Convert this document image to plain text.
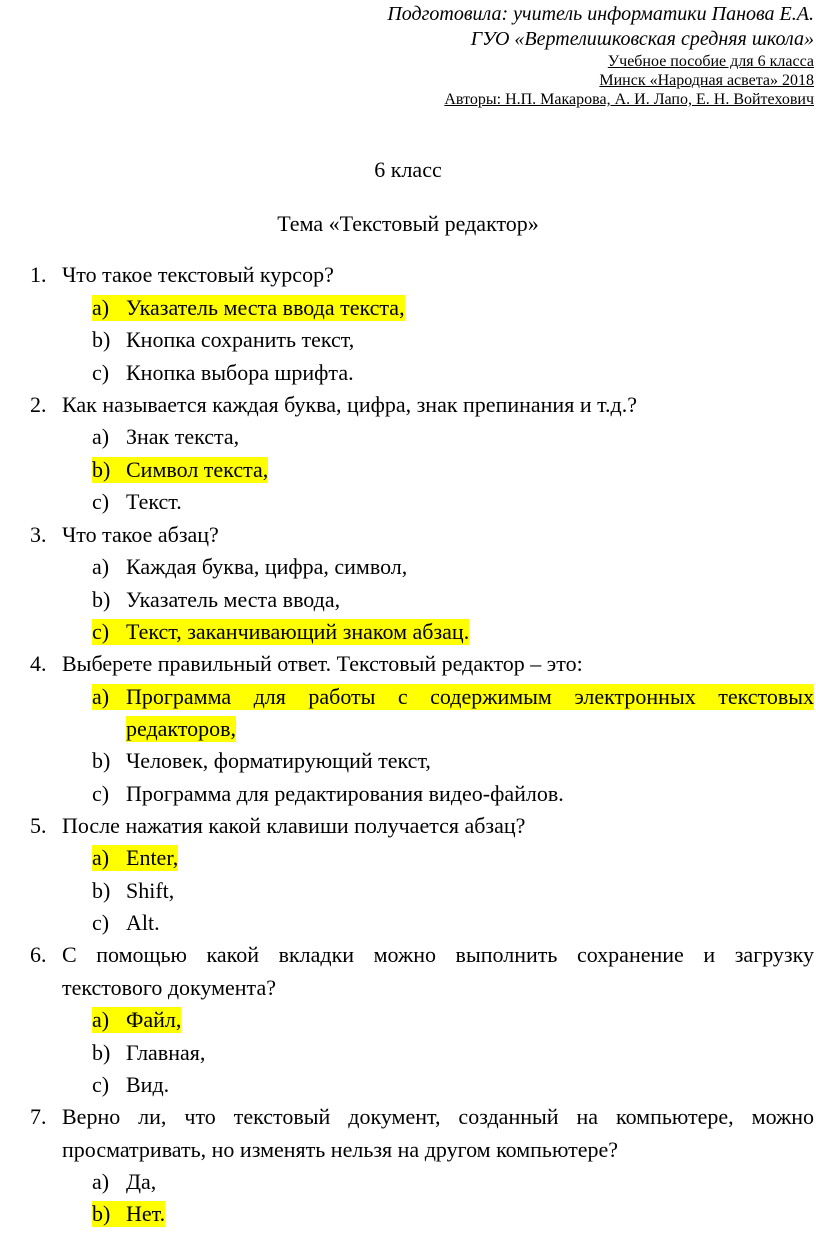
Подготовила: учитель информатики Панова Е.А.
ГУО «Вертелишковская средняя школа»
Учебное пособие для 6 класса
Минск «Народная асвета» 2018
Авторы: Н.П. Макарова, А. И. Лапо, Е. Н. Войтехович
6 класс
Тема «Текстовый редактор»
1. Что такое текстовый курсор?
a) Указатель места ввода текста,
b) Кнопка сохранить текст,
c) Кнопка выбора шрифта.
2. Как называется каждая буква, цифра, знак препинания и т.д.?
a) Знак текста,
b) Символ текста,
c) Текст.
3. Что такое абзац?
a) Каждая буква, цифра, символ,
b) Указатель места ввода,
c) Текст, заканчивающий знаком абзац.
4. Выберете правильный ответ. Текстовый редактор – это:
a) Программа для работы с содержимым электронных текстовых
редакторов,
b) Человек, форматирующий текст,
c) Программа для редактирования видео-файлов.
5. После нажатия какой клавиши получается абзац?
a) Enter,
b) Shift,
c) Alt.
6. С помощью какой вкладки можно выполнить сохранение и загрузку
текстового документа?
a) Файл,
b) Главная,
c) Вид.
7. Верно ли, что текстовый документ, созданный на компьютере, можно
просматривать, но изменять нельзя на другом компьютере?
a) Да,
b) Нет.
